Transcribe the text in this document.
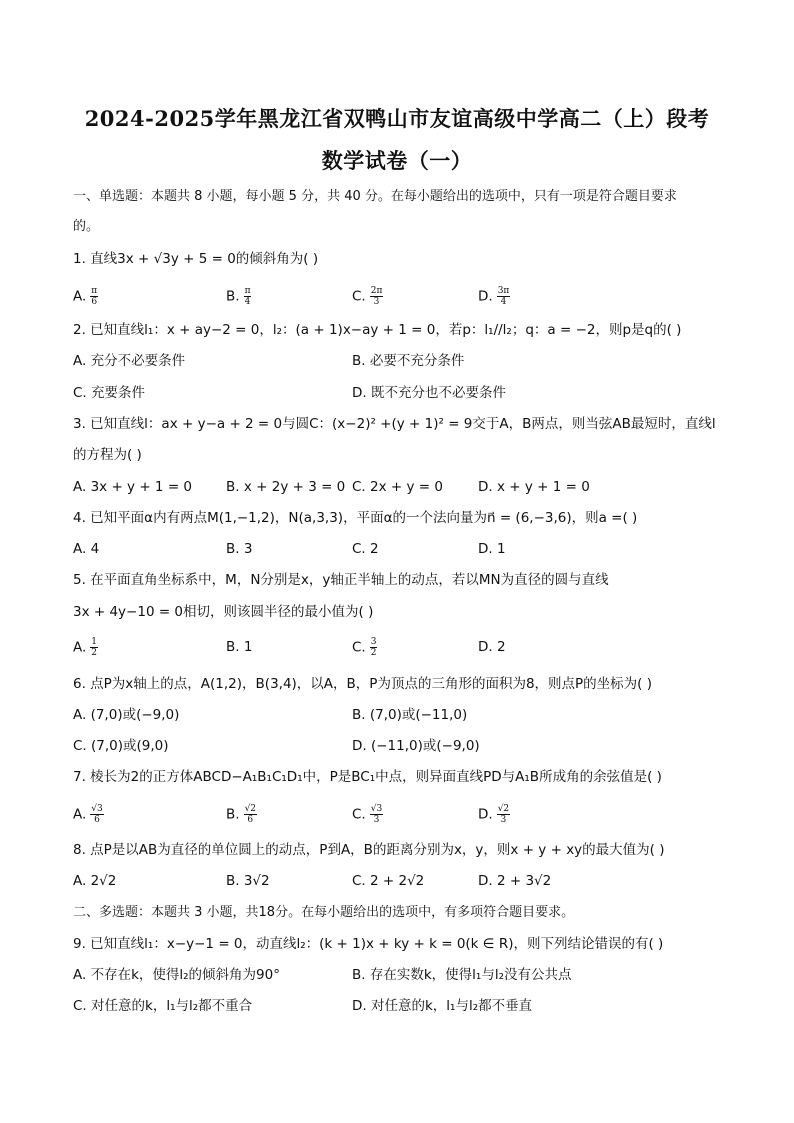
2024-2025学年黑龙江省双鸭山市友谊高级中学高二（上）段考
数学试卷（一）
一、单选题：本题共 8 小题，每小题 5 分，共 40 分。在每小题给出的选项中，只有一项是符合题目要求
的。
1. 直线3x + √3y + 5 = 0的倾斜角为( )
A. $\frac{\pi}{6}$	B. $\frac{\pi}{4}$	C. $\frac{2\pi}{3}$	D. $\frac{3\pi}{4}$
2. 已知直线l₁：x + ay−2 = 0，l₂：(a + 1)x−ay + 1 = 0，若p：l₁//l₂；q：a = −2，则p是q的( )
A. 充分不必要条件	B. 必要不充分条件
C. 充要条件	D. 既不充分也不必要条件
3. 已知直线l：ax + y−a + 2 = 0与圆C：(x−2)² +(y + 1)² = 9交于A，B两点，则当弦AB最短时，直线l
的方程为( )
A. 3x + y + 1 = 0	B. x + 2y + 3 = 0 C. 2x + y = 0	D. x + y + 1 = 0
4. 已知平面α内有两点M(1,−1,2)，N(a,3,3)，平面α的一个法向量为n⃗ = (6,−3,6)，则a =( )
A. 4	B. 3	C. 2	D. 1
5. 在平面直角坐标系中，M，N分别是x，y轴正半轴上的动点，若以MN为直径的圆与直线
3x + 4y−10 = 0相切，则该圆半径的最小值为( )
A. $\frac{1}{2}$	B. 1	C. $\frac{3}{2}$	D. 2
6. 点P为x轴上的点，A(1,2)，B(3,4)，以A，B，P为顶点的三角形的面积为8，则点P的坐标为( )
A. (7,0)或(−9,0)	B. (7,0)或(−11,0)
C. (7,0)或(9,0)	D. (−11,0)或(−9,0)
7. 棱长为2的正方体ABCD−A₁B₁C₁D₁中，P是BC₁中点，则异面直线PD与A₁B所成角的余弦值是( )
A. $\frac{√3}{6}$	B. $\frac{√2}{6}$	C. $\frac{√3}{3}$	D. $\frac{√2}{3}$
8. 点P是以AB为直径的单位圆上的动点，P到A，B的距离分别为x，y，则x + y + xy的最大值为( )
A. 2√2	B. 3√2	C. 2 + 2√2	D. 2 + 3√2
二、多选题：本题共 3 小题，共18分。在每小题给出的选项中，有多项符合题目要求。
9. 已知直线l₁：x−y−1 = 0，动直线l₂：(k + 1)x + ky + k = 0(k ∈ R)，则下列结论错误的有( )
A. 不存在k，使得l₂的倾斜角为90°	B. 存在实数k，使得l₁与l₂没有公共点
C. 对任意的k，l₁与l₂都不重合	D. 对任意的k，l₁与l₂都不垂直
